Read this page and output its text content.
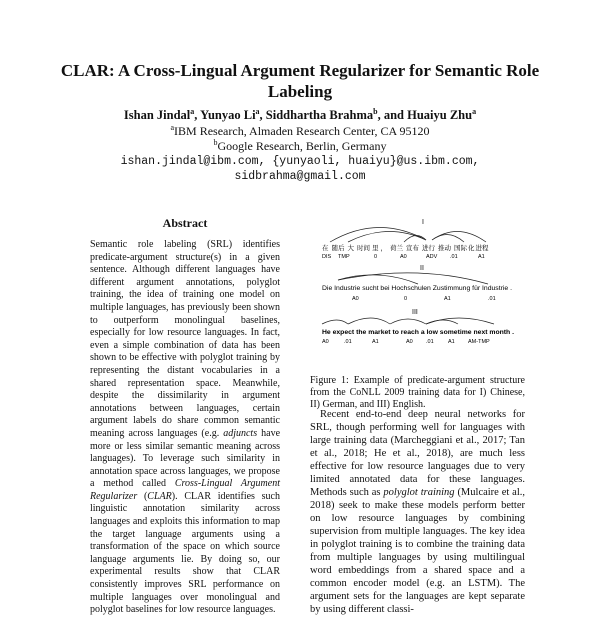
CLAR: A Cross-Lingual Argument Regularizer for Semantic Role Labeling
Ishan Jindal$^a$, Yunyao Li$^a$, Siddhartha Brahma$^b$, and Huaiyu Zhu$^a$
$^a$IBM Research, Almaden Research Center, CA 95120
$^b$Google Research, Berlin, Germany
ishan.jindal@ibm.com, {yunyaoli, huaiyu}@us.ibm.com,
sidbrahma@gmail.com
Abstract

Semantic role labeling (SRL) identifies predicate-argument structure(s) in a given sentence. Although different languages have different argument annotations, polyglot training, the idea of training one model on multiple languages, has previously been shown to outperform monolingual baselines, especially for low resource languages. In fact, even a simple combination of data has been shown to be effective with polyglot training by representing the distant vocabularies in a shared representation space. Meanwhile, despite the dissimilarity in argument annotations between languages, certain argument labels do share common semantic meaning across languages (e.g. adjuncts have more or less similar semantic meaning across languages). To leverage such similarity in annotation space across languages, we propose a method called Cross-Lingual Argument Regularizer (CLAR). CLAR identifies such linguistic annotation similarity across languages and exploits this information to map the target language arguments using a transformation of the space on which source language arguments lie. By doing so, our experimental results show that CLAR consistently improves SRL performance on multiple languages over monolingual and polyglot baselines for low resource languages.

I
在 随后 大 时间 里 ， 荷兰 宣布 进行 推动 国际化进程
DIS TMP	0	A0	ADV .01	A1
II
Die Industrie sucht bei Hochschulen Zustimmung für Industrie .
A0	0	A1	.01
III
He expect the market to reach a low sometime next month .
A0	.01	A1	A0 .01	A1 AM-TMP
Figure 1: Example of predicate-argument structure from the CoNLL 2009 training data for I) Chinese, II) German, and III) English.

Recent end-to-end deep neural networks for SRL, though performing well for languages with large training data (Marcheggiani et al., 2017; Tan et al., 2018; He et al., 2018), are much less effective for low resource languages due to very limited annotated data for these languages. Methods such as polyglot training (Mulcaire et al., 2018) seek to make these models perform better on low resource languages by combining supervision from multiple languages. The key idea in polyglot training is to combine the training data from multiple languages by using multilingual word embeddings from a shared space and a common encoder model (e.g. an LSTM). The argument sets for the languages are kept separate by using different classi-
